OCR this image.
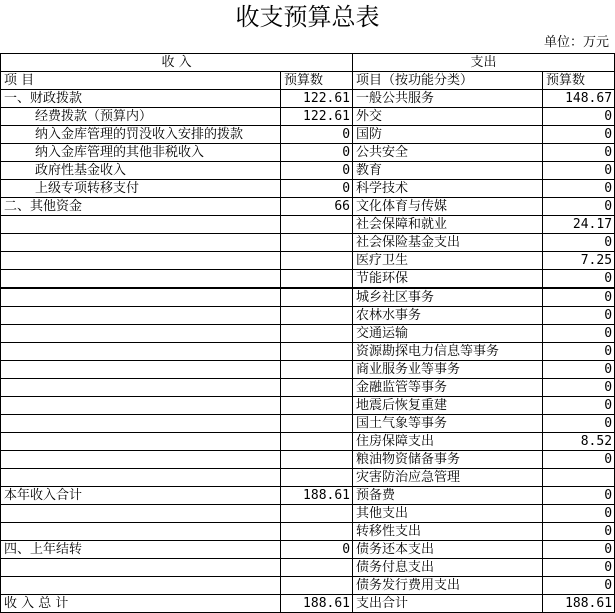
收支预算总表
单位：万元
收 入		支出	
项 目	预算数	项目（按功能分类）	预算数
一、财政拨款	122.61	一般公共服务	148.67
经费拨款（预算内）	122.61	外交	0
纳入金库管理的罚没收入安排的拨款	0	国防	0
纳入金库管理的其他非税收入	0	公共安全	0
政府性基金收入	0	教育	0
上级专项转移支付	0	科学技术	0
二、其他资金	66	文化体育与传媒	0
		社会保障和就业	24.17
		社会保险基金支出	0
		医疗卫生	7.25
		节能环保	0
		城乡社区事务	0
		农林水事务	0
		交通运输	0
		资源勘探电力信息等事务	0
		商业服务业等事务	0
		金融监管等事务	0
		地震后恢复重建	0
		国土气象等事务	0
		住房保障支出	8.52
		粮油物资储备事务	0
		灾害防治应急管理	
本年收入合计	188.61	预备费	0
		其他支出	0
		转移性支出	0
四、上年结转	0	债务还本支出	0
		债务付息支出	0
		债务发行费用支出	0
收 入 总 计	188.61	支出合计	188.61
